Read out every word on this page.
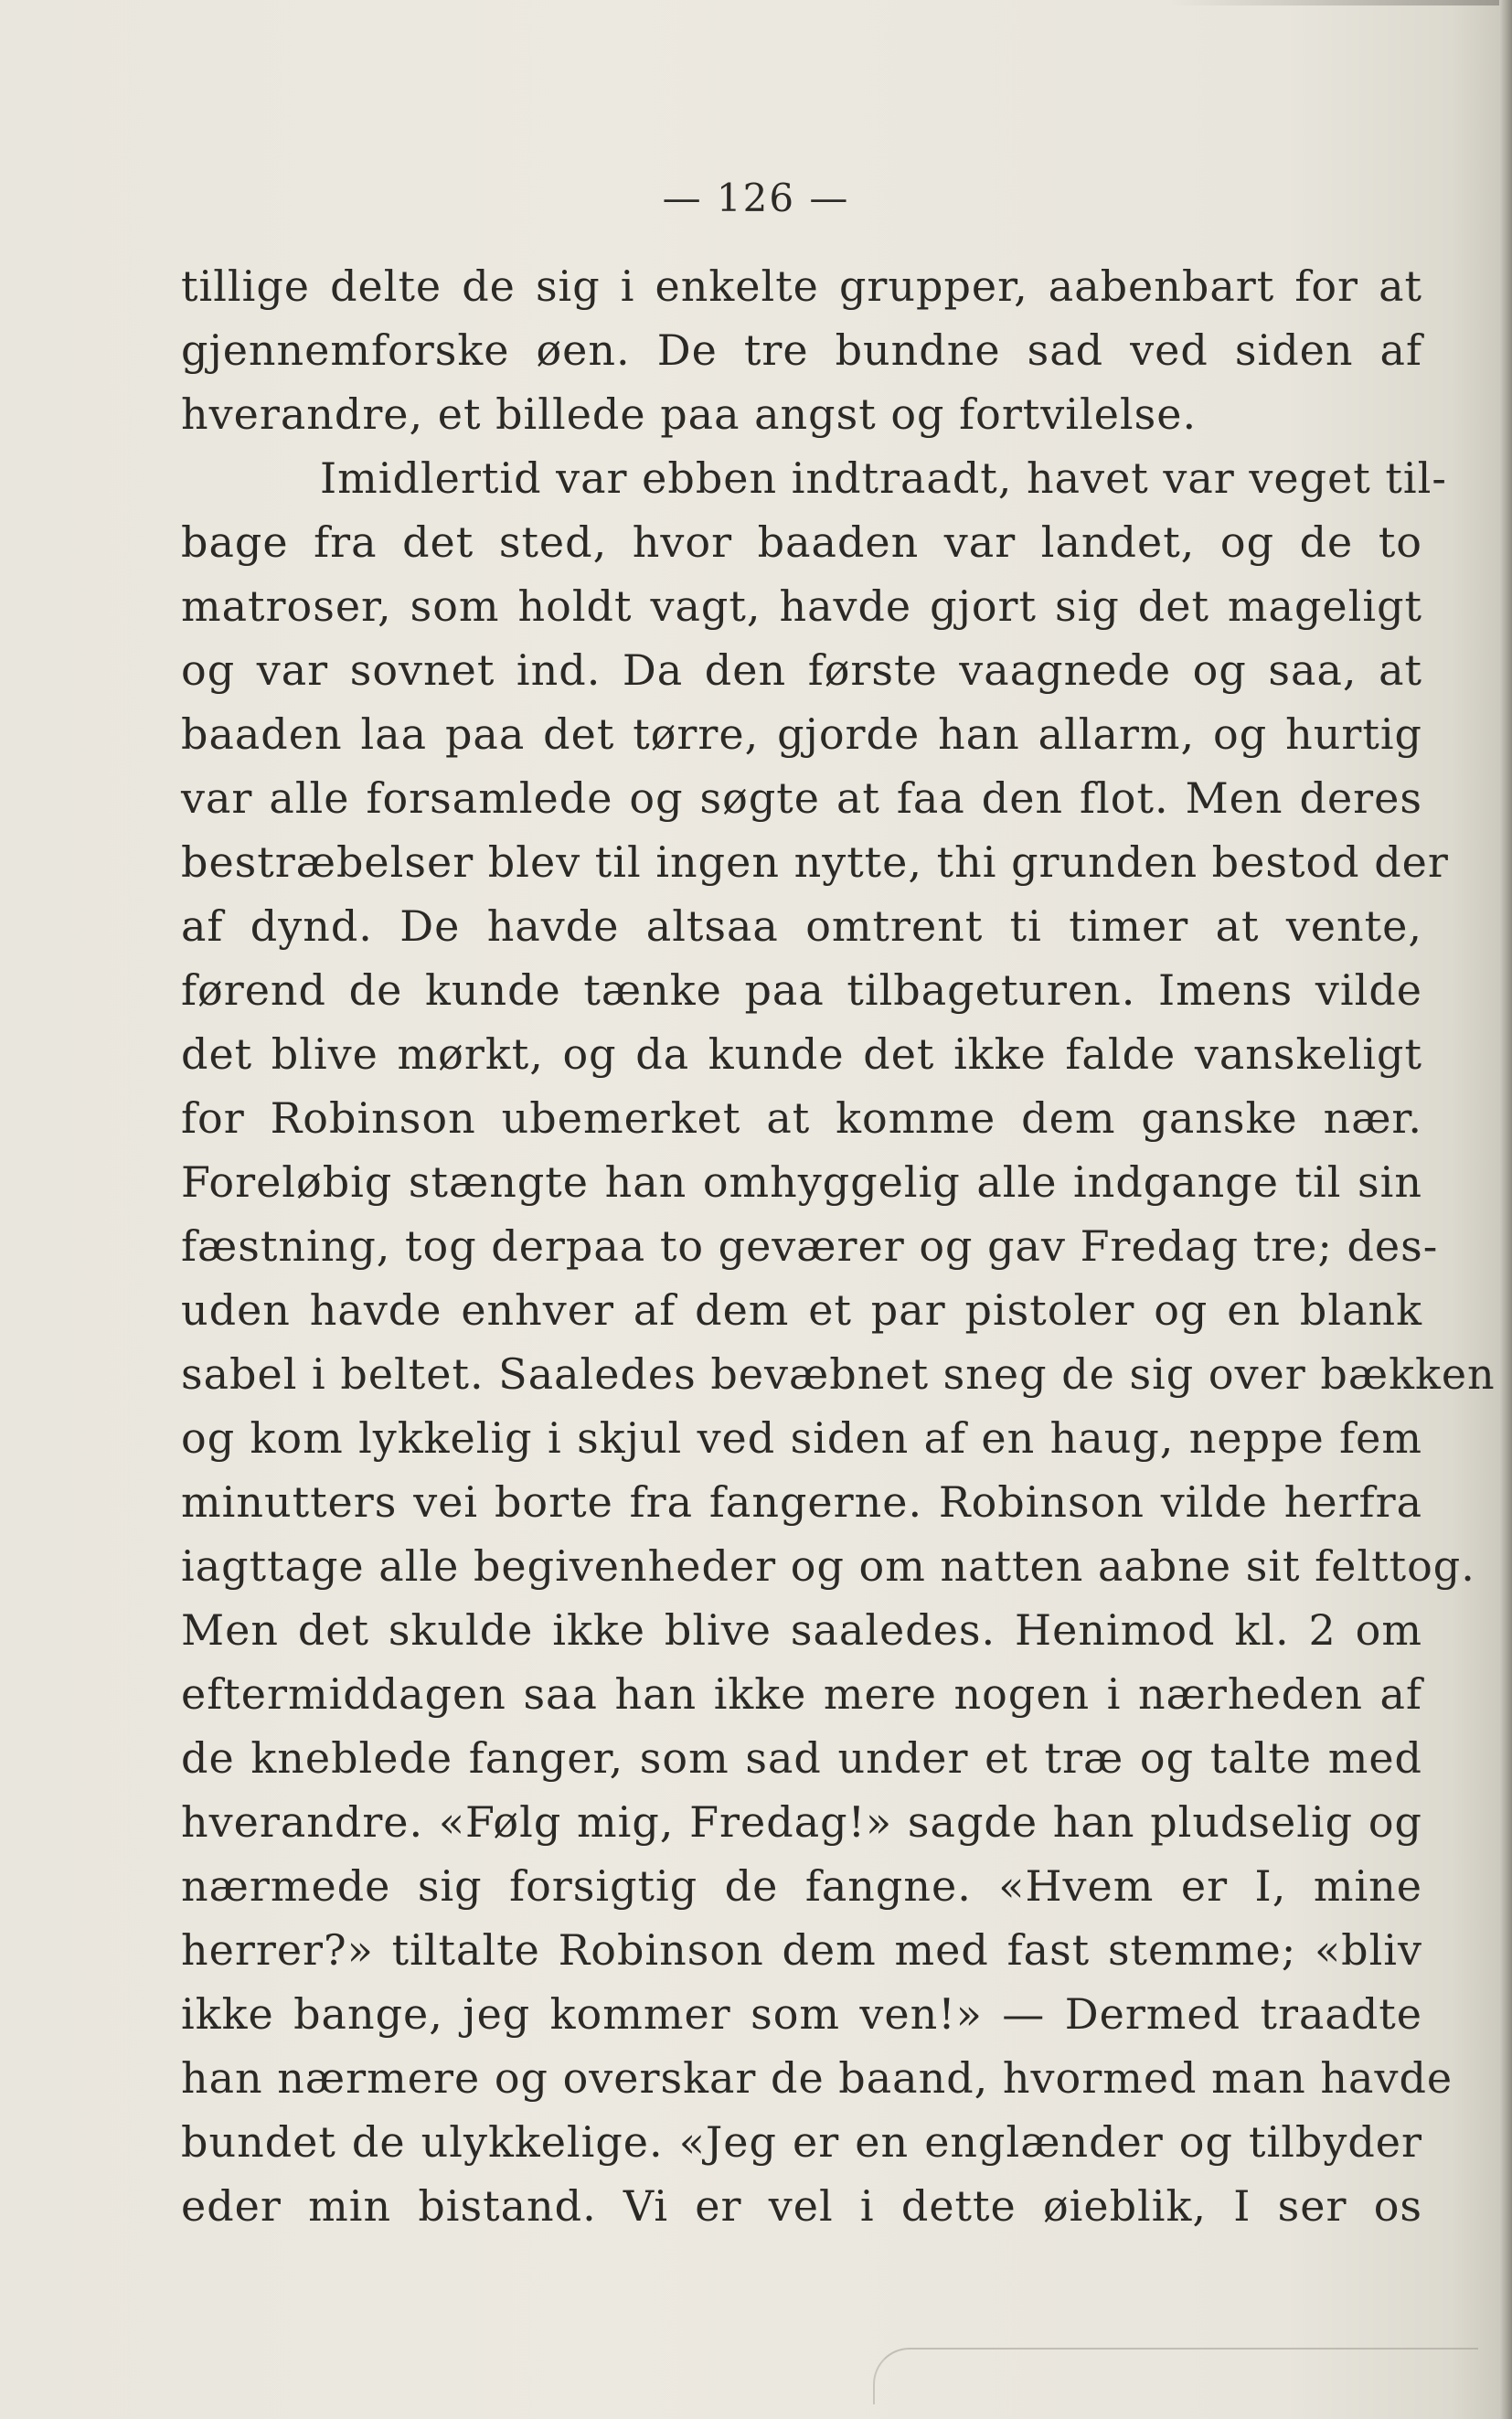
— 126 —
tillige delte de sig i enkelte grupper, aabenbart for at
gjennemforske øen. De tre bundne sad ved siden af
hverandre, et billede paa angst og fortvilelse.
Imidlertid var ebben indtraadt, havet var veget til-
bage fra det sted, hvor baaden var landet, og de to
matroser, som holdt vagt, havde gjort sig det mageligt
og var sovnet ind. Da den første vaagnede og saa, at
baaden laa paa det tørre, gjorde han allarm, og hurtig
var alle forsamlede og søgte at faa den flot. Men deres
bestræbelser blev til ingen nytte, thi grunden bestod der
af dynd. De havde altsaa omtrent ti timer at vente,
førend de kunde tænke paa tilbageturen. Imens vilde
det blive mørkt, og da kunde det ikke falde vanskeligt
for Robinson ubemerket at komme dem ganske nær.
Foreløbig stængte han omhyggelig alle indgange til sin
fæstning, tog derpaa to geværer og gav Fredag tre; des-
uden havde enhver af dem et par pistoler og en blank
sabel i beltet. Saaledes bevæbnet sneg de sig over bækken
og kom lykkelig i skjul ved siden af en haug, neppe fem
minutters vei borte fra fangerne. Robinson vilde herfra
iagttage alle begivenheder og om natten aabne sit felttog.
Men det skulde ikke blive saaledes. Henimod kl. 2 om
eftermiddagen saa han ikke mere nogen i nærheden af
de kneblede fanger, som sad under et træ og talte med
hverandre. «Følg mig, Fredag!» sagde han pludselig og
nærmede sig forsigtig de fangne. «Hvem er I, mine
herrer?» tiltalte Robinson dem med fast stemme; «bliv
ikke bange, jeg kommer som ven!» — Dermed traadte
han nærmere og overskar de baand, hvormed man havde
bundet de ulykkelige. «Jeg er en englænder og tilbyder
eder min bistand. Vi er vel i dette øieblik, I ser os
